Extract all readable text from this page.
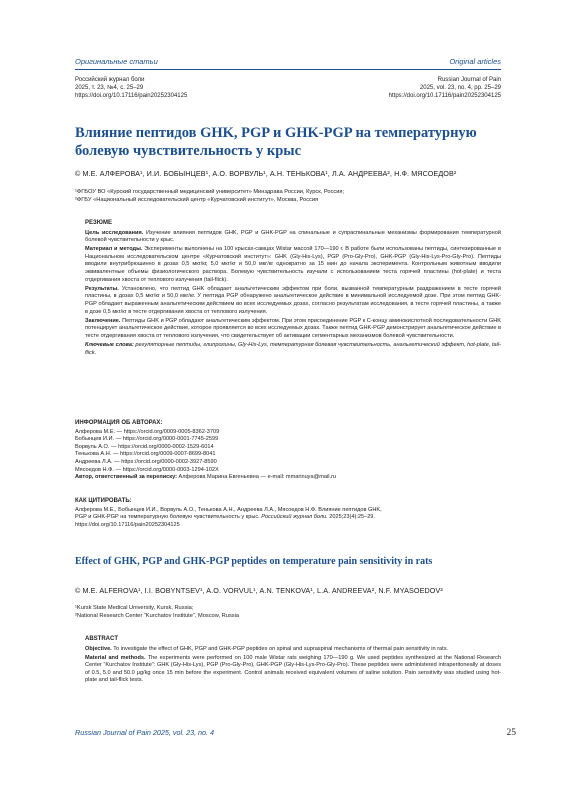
Оригинальные статьи	Original articles
Российский журнал боли
2025, т. 23, №4, с. 25–29
https://doi.org/10.17116/pain20252304125
Russian Journal of Pain
2025, vol. 23, no. 4, pp. 25–29
https://doi.org/10.17116/pain20252304125
Влияние пептидов GHK, PGP и GHK-PGP на температурную болевую чувствительность у крыс
© М.Е. АЛФЕРОВА¹, И.И. БОБЫНЦЕВ¹, А.О. ВОРВУЛЬ¹, А.Н. ТЕНЬКОВА¹, Л.А. АНДРЕЕВА², Н.Ф. МЯСОЕДОВ²
¹ФГБОУ ВО «Курский государственный медицинский университет» Минздрава России, Курск, Россия;
²ФГБУ «Национальный исследовательский центр «Курчатовский институт», Москва, Россия
РЕЗЮМЕ

Цель исследования. Изучение влияния пептидов GHK, PGP и GHK-PGP на спинальные и супраспинальные механизмы формирования температурной болевой чувствительности у крыс.

Материал и методы. Эксперименты выполнены на 100 крысах-самцах Wistar массой 170—190 г. В работе были использованы пептиды, синтезированные в Национальном исследовательском центре «Курчатовский институт»: GHK (Gly-His-Lys), PGP (Pro-Gly-Pro), GHK-PGP (Gly-His-Lys-Pro-Gly-Pro). Пептиды вводили внутрибрюшинно в дозах 0,5 мкг/кг, 5,0 мкг/кг и 50,0 мкг/кг однократно за 15 мин до начала эксперимента. Контрольным животным вводили эквивалентные объемы физиологического раствора. Болевую чувствительность изучали с использованием теста горячей пластины (hot-plate) и теста отдергивания хвоста от теплового излучения (tail-flick).

Результаты. Установлено, что пептид GHK обладает анальгетическим эффектом при боли, вызванной температурным раздражением в тесте горячей пластины, в дозах 0,5 мкг/кг и 50,0 мкг/кг. У пептида PGP обнаружено анальгетическое действие в минимальной исследуемой дозе. При этом пептид GHK-PGP обладает выраженным анальгетическим действием во всех исследуемых дозах, согласно результатам исследования, в тесте горячей пластины, а также в дозе 0,5 мкг/кг в тесте отдергивания хвоста от теплового излучения.

Заключение. Пептиды GHK и PGP обладают анальгетическим эффектом. При этом присоединение PGP к С-концу аминокислотной последовательности GHK потенцирует анальгетическое действие, которое проявляется во всех исследуемых дозах. Также пептид GHK-PGP демонстрирует анальгетическое действие в тесте отдергивания хвоста от теплового излучения, что свидетельствует об активации сегментарных механизмов болевой чувствительности.

Ключевые слова: регуляторные пептиды, глипролины, Gly-His-Lys, температурная болевая чувствительность, анальгетический эффект, hot-plate, tail-flick.

ИНФОРМАЦИЯ ОБ АВТОРАХ:
Алферова М.Е. — https://orcid.org/0009-0005-8362-3709
Бобынцев И.И. — https://orcid.org/0000-0001-7745-2599
Ворвуль А.О. — https://orcid.org/0000-0002-1529-6014
Тенькова А.Н. — https://orcid.org/0009-0007-8699-8041
Андреева Л.А. — https://orcid.org/0000-0002-3927-8590
Мясоедов Н.Ф. — https://orcid.org/0000-0003-1294-102X
Автор, ответственный за переписку: Алферова Марина Евгеньевна — e-mail: mmarinuya@mail.ru
КАК ЦИТИРОВАТЬ:
Алферова М.Е., Бобынцев И.И., Ворвуль А.О., Тенькова А.Н., Андреева Л.А., Мясоедов Н.Ф. Влияние пептидов GHK,
PGP и GHK-PGP на температурную болевую чувствительность у крыс. Российский журнал боли. 2025;23(4):25–29.
https://doi.org/10.17116/pain20252304125
Effect of GHK, PGP and GHK-PGP peptides on temperature pain sensitivity in rats
© M.E. ALFEROVA¹, I.I. BOBYNTSEV¹, A.O. VORVUL¹, A.N. TENKOVA¹, L.A. ANDREEVA², N.F. MYASOEDOV²
¹Kursk State Medical University, Kursk, Russia;
²National Research Center “Kurchatov Institute”, Moscow, Russia
ABSTRACT

Objective. To investigate the effect of GHK, PGP and GHK-PGP peptides on spinal and supraspinal mechanisms of thermal pain sensitivity in rats.

Material and methods. The experiments were performed on 100 male Wistar rats weighing 170—190 g. We used peptides synthesized at the National Research Center “Kurchatov Institute”: GHK (Gly-His-Lys), PGP (Pro-Gly-Pro), GHK-PGP (Gly-His-Lys-Pro-Gly-Pro). These peptides were administered intraperitoneally at doses of 0.5, 5.0 and 50.0 μg/kg once 15 min before the experiment. Control animals received equivalent volumes of saline solution. Pain sensitivity was studied using hot-plate and tail-flick tests.

Russian Journal of Pain 2025, vol. 23, no. 4	25
